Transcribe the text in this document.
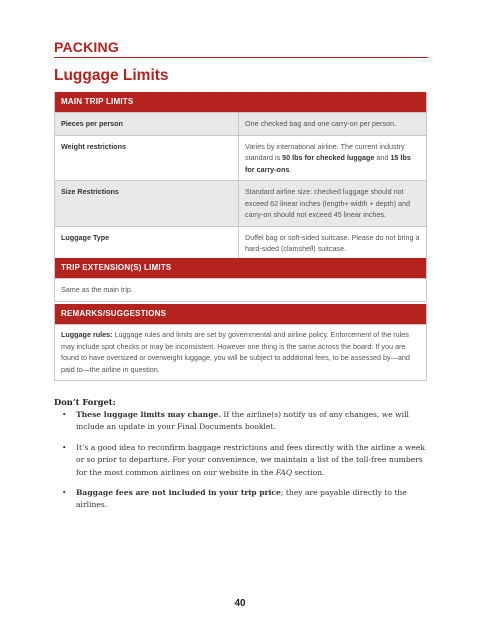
PACKING
Luggage Limits
MAIN TRIP LIMITS
Pieces per person	One checked bag and one carry-on per person.
Weight restrictions	Varies by international airline. The current industry standard is 50 lbs for checked luggage and 15 lbs for carry-ons.
Size Restrictions	Standard airline size: checked luggage should not exceed 62 linear inches (length+ width + depth) and carry-on should not exceed 45 linear inches.
Luggage Type	Duffel bag or soft-sided suitcase. Please do not bring a hard-sided (clamshell) suitcase.
TRIP EXTENSION(S) LIMITS
Same as the main trip.
REMARKS/SUGGESTIONS
Luggage rules: Luggage rules and limits are set by governmental and airline policy. Enforcement of the rules may include spot checks or may be inconsistent. However one thing is the same across the board: If you are found to have oversized or overweight luggage, you will be subject to additional fees, to be assessed by—and paid to—the airline in question.
Don’t Forget:
• These luggage limits may change. If the airline(s) notify us of any changes, we will include an update in your Final Documents booklet.
• It’s a good idea to reconfirm baggage restrictions and fees directly with the airline a week or so prior to departure. For your convenience, we maintain a list of the toll-free numbers for the most common airlines on our website in the FAQ section.
• Baggage fees are not included in your trip price; they are payable directly to the airlines.
40
